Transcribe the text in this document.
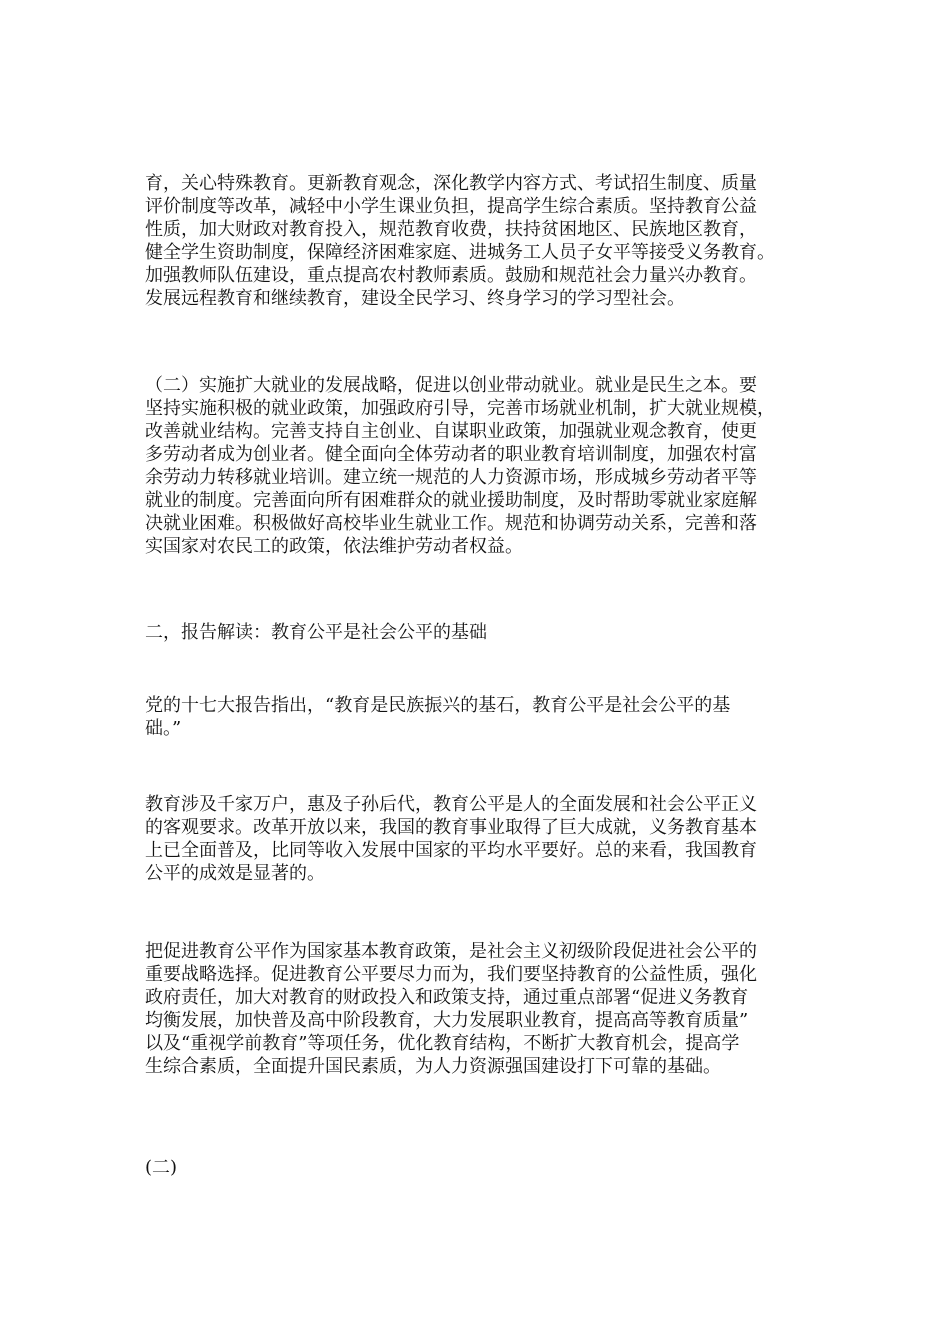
育，关心特殊教育。更新教育观念，深化教学内容方式、考试招生制度、质量
评价制度等改革，减轻中小学生课业负担，提高学生综合素质。坚持教育公益
性质，加大财政对教育投入，规范教育收费，扶持贫困地区、民族地区教育，
健全学生资助制度，保障经济困难家庭、进城务工人员子女平等接受义务教育。
加强教师队伍建设，重点提高农村教师素质。鼓励和规范社会力量兴办教育。
发展远程教育和继续教育，建设全民学习、终身学习的学习型社会。

（二）实施扩大就业的发展战略，促进以创业带动就业。就业是民生之本。要
坚持实施积极的就业政策，加强政府引导，完善市场就业机制，扩大就业规模，
改善就业结构。完善支持自主创业、自谋职业政策，加强就业观念教育，使更
多劳动者成为创业者。健全面向全体劳动者的职业教育培训制度，加强农村富
余劳动力转移就业培训。建立统一规范的人力资源市场，形成城乡劳动者平等
就业的制度。完善面向所有困难群众的就业援助制度，及时帮助零就业家庭解
决就业困难。积极做好高校毕业生就业工作。规范和协调劳动关系，完善和落
实国家对农民工的政策，依法维护劳动者权益。

二，报告解读：教育公平是社会公平的基础

党的十七大报告指出，“教育是民族振兴的基石，教育公平是社会公平的基
础。”

教育涉及千家万户，惠及子孙后代，教育公平是人的全面发展和社会公平正义
的客观要求。改革开放以来，我国的教育事业取得了巨大成就，义务教育基本
上已全面普及，比同等收入发展中国家的平均水平要好。总的来看，我国教育
公平的成效是显著的。

把促进教育公平作为国家基本教育政策，是社会主义初级阶段促进社会公平的
重要战略选择。促进教育公平要尽力而为，我们要坚持教育的公益性质，强化
政府责任，加大对教育的财政投入和政策支持，通过重点部署“促进义务教育
均衡发展，加快普及高中阶段教育，大力发展职业教育，提高高等教育质量”
以及“重视学前教育”等项任务，优化教育结构，不断扩大教育机会，提高学
生综合素质，全面提升国民素质，为人力资源强国建设打下可靠的基础。

(二)
